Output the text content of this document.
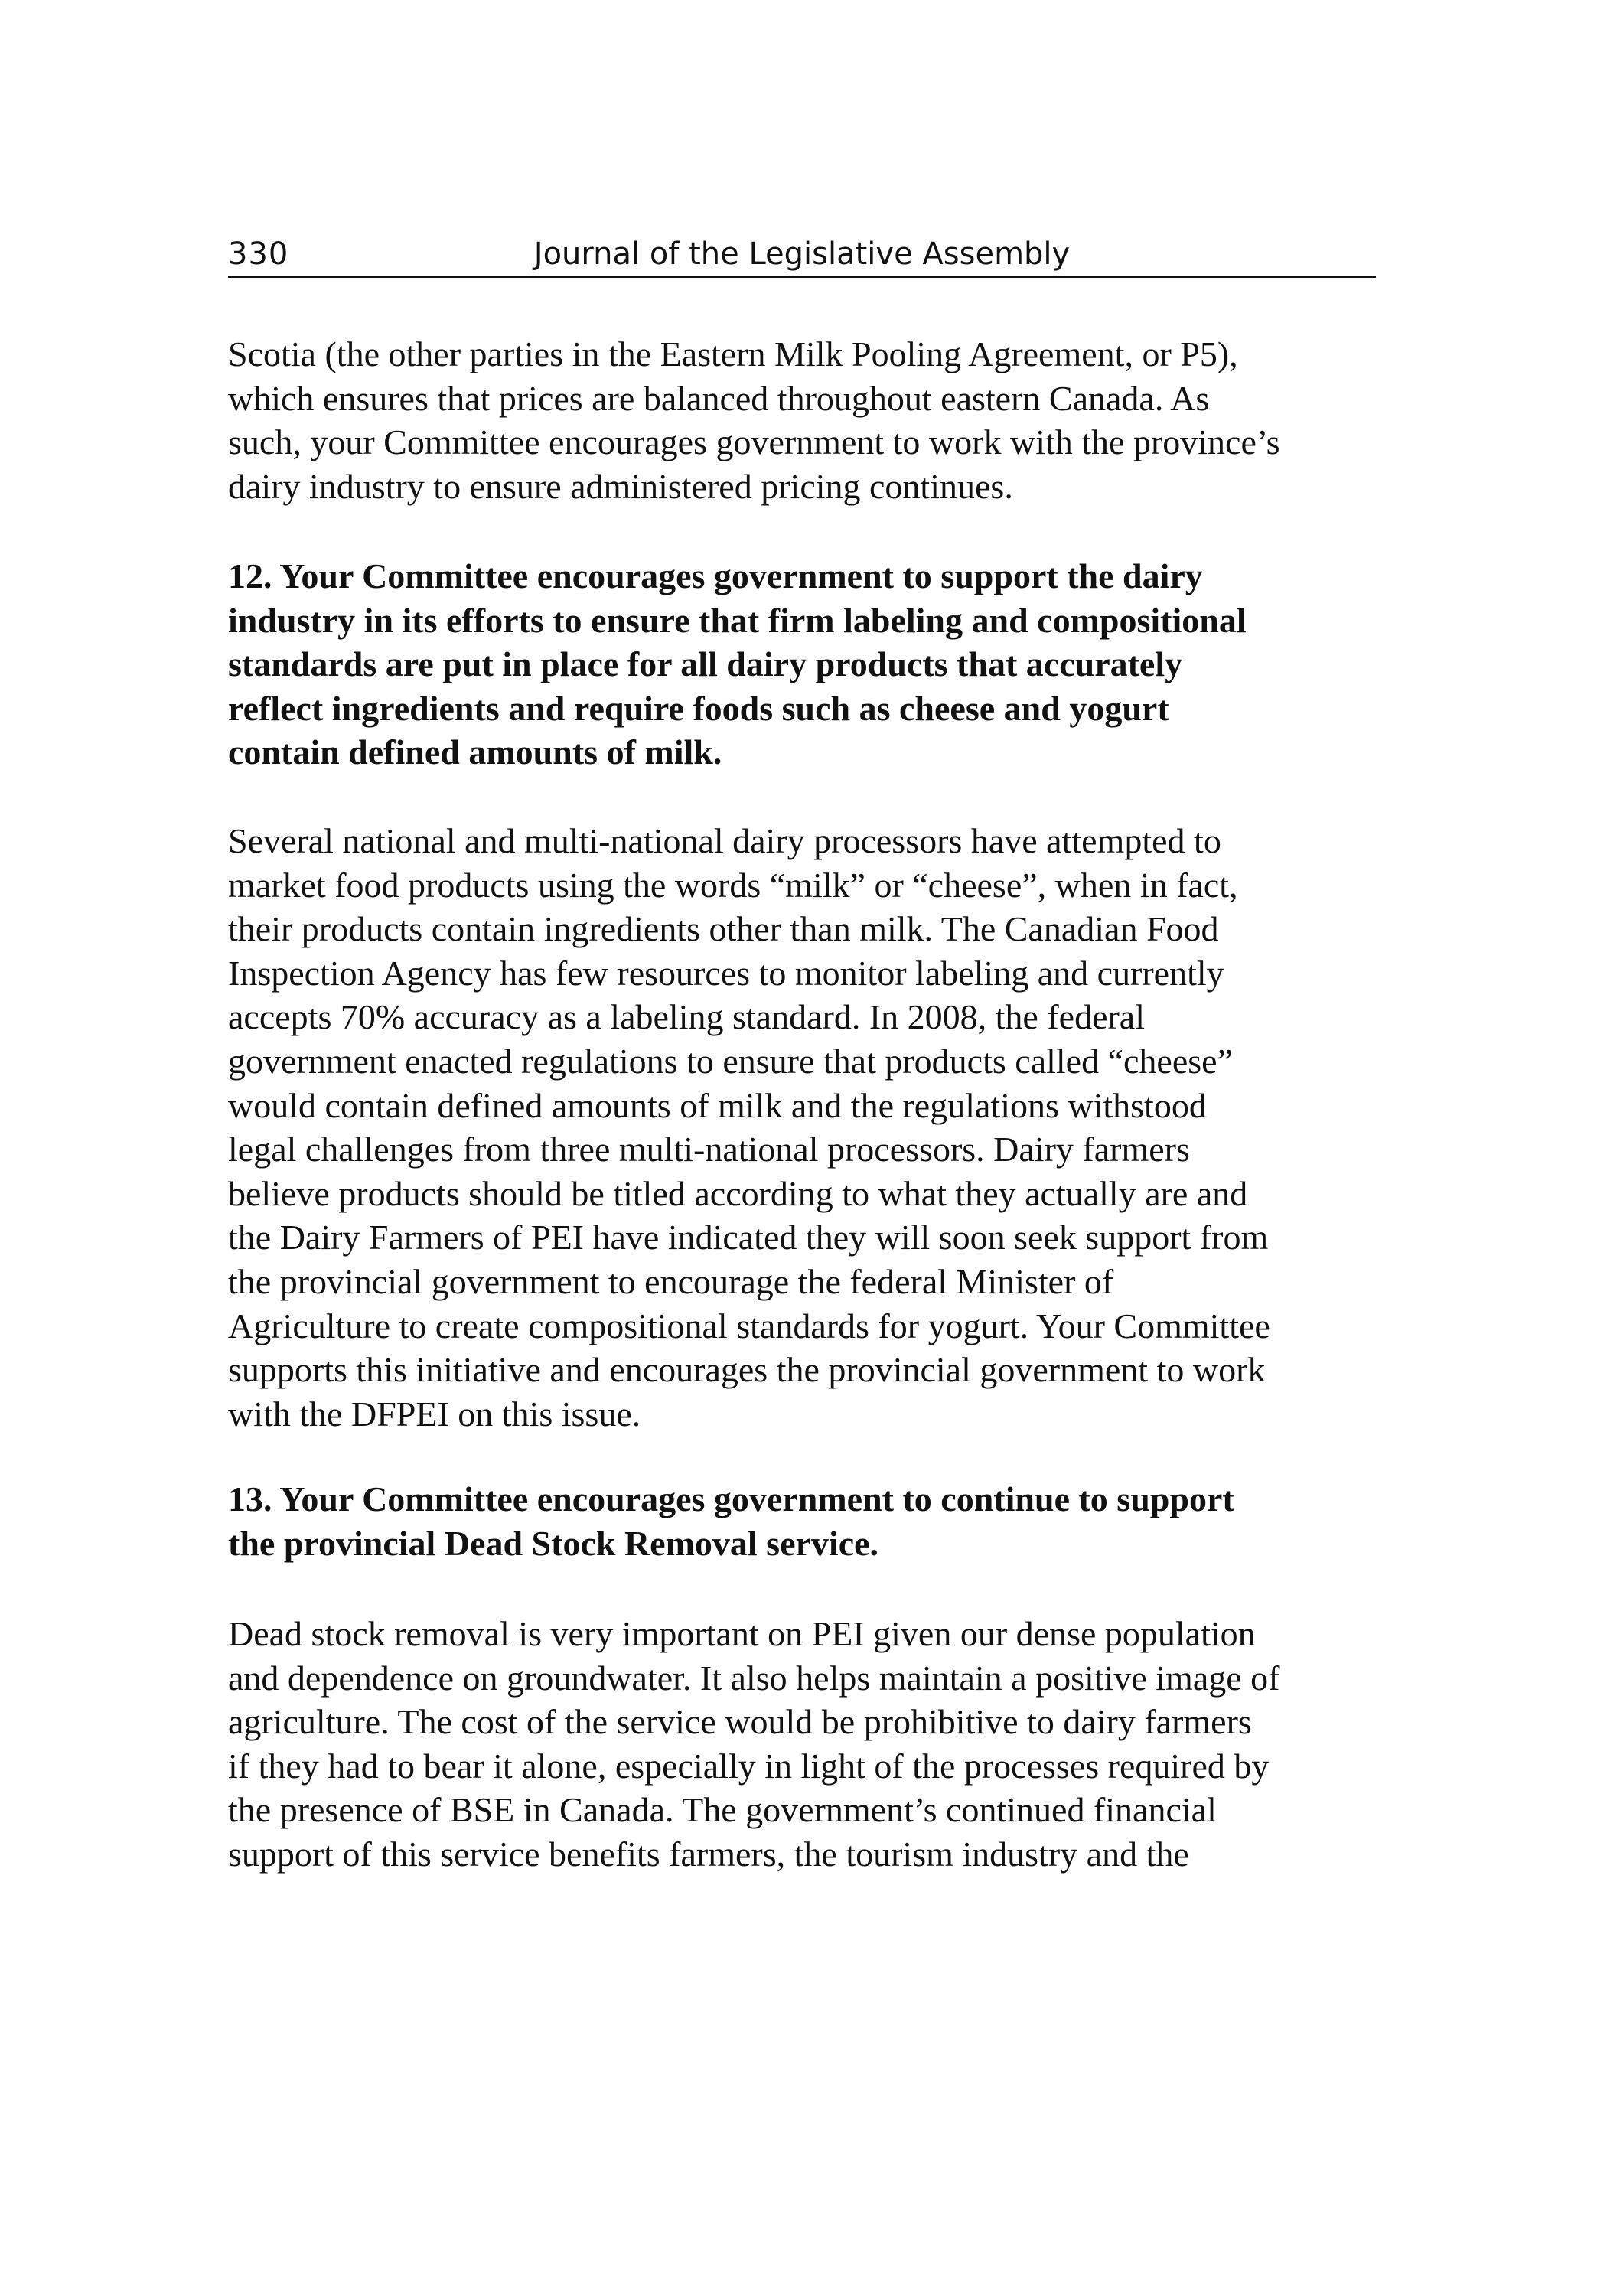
330	Journal of the Legislative Assembly
Scotia (the other parties in the Eastern Milk Pooling Agreement, or P5),
which ensures that prices are balanced throughout eastern Canada. As
such, your Committee encourages government to work with the province’s
dairy industry to ensure administered pricing continues.
12. Your Committee encourages government to support the dairy
industry in its efforts to ensure that firm labeling and compositional
standards are put in place for all dairy products that accurately
reflect ingredients and require foods such as cheese and yogurt
contain defined amounts of milk.
Several national and multi-national dairy processors have attempted to
market food products using the words “milk” or “cheese”, when in fact,
their products contain ingredients other than milk. The Canadian Food
Inspection Agency has few resources to monitor labeling and currently
accepts 70% accuracy as a labeling standard. In 2008, the federal
government enacted regulations to ensure that products called “cheese”
would contain defined amounts of milk and the regulations withstood
legal challenges from three multi-national processors. Dairy farmers
believe products should be titled according to what they actually are and
the Dairy Farmers of PEI have indicated they will soon seek support from
the provincial government to encourage the federal Minister of
Agriculture to create compositional standards for yogurt. Your Committee
supports this initiative and encourages the provincial government to work
with the DFPEI on this issue.
13. Your Committee encourages government to continue to support
the provincial Dead Stock Removal service.
Dead stock removal is very important on PEI given our dense population
and dependence on groundwater. It also helps maintain a positive image of
agriculture. The cost of the service would be prohibitive to dairy farmers
if they had to bear it alone, especially in light of the processes required by
the presence of BSE in Canada. The government’s continued financial
support of this service benefits farmers, the tourism industry and the
